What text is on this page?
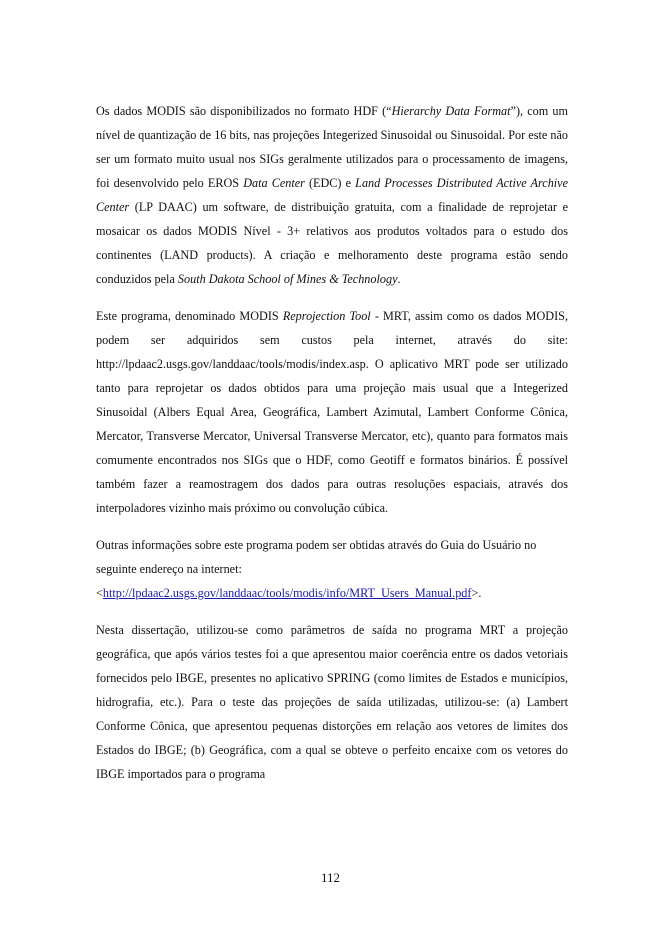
Os dados MODIS são disponibilizados no formato HDF (“Hierarchy Data Format”), com um nível de quantização de 16 bits, nas projeções Integerized Sinusoidal ou Sinusoidal. Por este não ser um formato muito usual nos SIGs geralmente utilizados para o processamento de imagens, foi desenvolvido pelo EROS Data Center (EDC) e Land Processes Distributed Active Archive Center (LP DAAC) um software, de distribuição gratuita, com a finalidade de reprojetar e mosaicar os dados MODIS Nível - 3+ relativos aos produtos voltados para o estudo dos continentes (LAND products). A criação e melhoramento deste programa estão sendo conduzidos pela South Dakota School of Mines & Technology.

Este programa, denominado MODIS Reprojection Tool - MRT, assim como os dados MODIS, podem ser adquiridos sem custos pela internet, através do site: http://lpdaac2.usgs.gov/landdaac/tools/modis/index.asp. O aplicativo MRT pode ser utilizado tanto para reprojetar os dados obtidos para uma projeção mais usual que a Integerized Sinusoidal (Albers Equal Area, Geográfica, Lambert Azimutal, Lambert Conforme Cônica, Mercator, Transverse Mercator, Universal Transverse Mercator, etc), quanto para formatos mais comumente encontrados nos SIGs que o HDF, como Geotiff e formatos binários. É possível também fazer a reamostragem dos dados para outras resoluções espaciais, através dos interpoladores vizinho mais próximo ou convolução cúbica.

Outras informações sobre este programa podem ser obtidas através do Guia do Usuário no seguinte endereço na internet:
<http://lpdaac2.usgs.gov/landdaac/tools/modis/info/MRT_Users_Manual.pdf>.

Nesta dissertação, utilizou-se como parâmetros de saída no programa MRT a projeção geográfica, que após vários testes foi a que apresentou maior coerência entre os dados vetoriais fornecidos pelo IBGE, presentes no aplicativo SPRING (como limites de Estados e municípios, hidrografia, etc.). Para o teste das projeções de saída utilizadas, utilizou-se: (a) Lambert Conforme Cônica, que apresentou pequenas distorções em relação aos vetores de limites dos Estados do IBGE; (b) Geográfica, com a qual se obteve o perfeito encaixe com os vetores do IBGE importados para o programa

112
